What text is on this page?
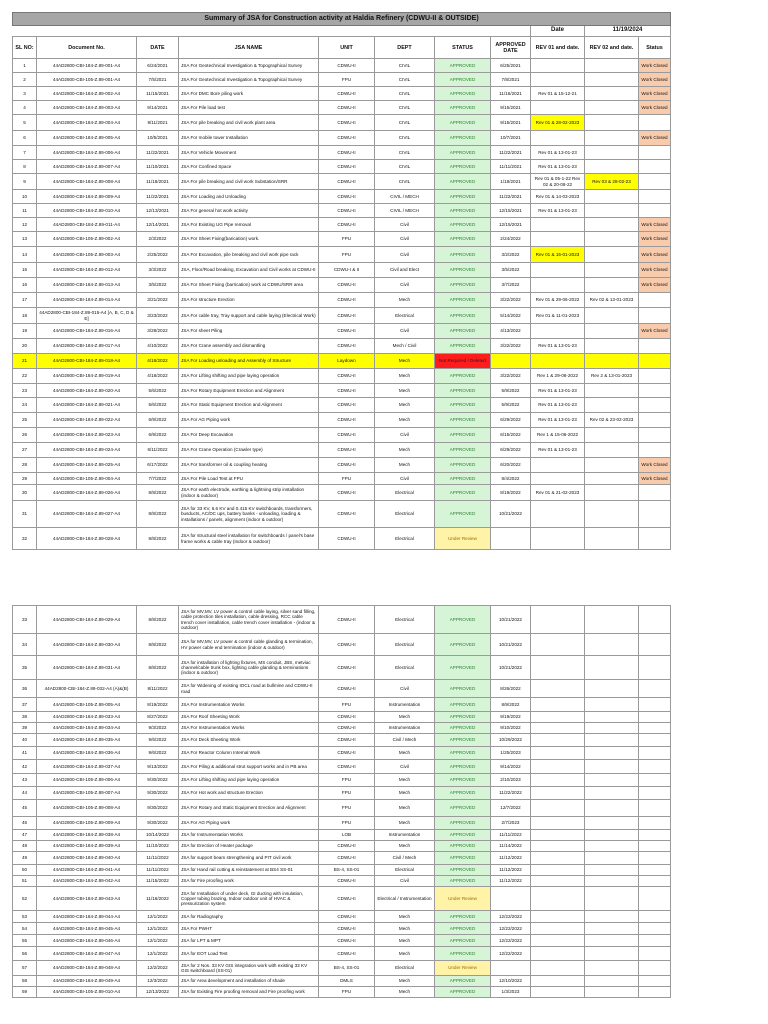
Summary of JSA for Construction activity at Haldia Refinery (CDWU-II & OUTSIDE)										
								Date	11/19/2024	
SL NO:	Document No.	DATE	JSA NAME	UNIT	DEPT	STATUS	APPROVED DATE	REV 01 and date.	REV 02 and date.	Status
1	44AD2800-CBI-184-Z.89-001-A4	6/24/2021	JSA For Geotechnical Investigation & Topographical Survey	CDWU-II	CIVIL	APPROVED	6/25/2021			Work Closed
2	44AD2800-CBI-105-Z.89-001-A4	7/5/2021	JSA For Geotechnical Investigation & Topographical Survey	FPU	CIVIL	APPROVED	7/8/2021			Work Closed
3	44AD2800-CBI-184-Z.89-002-A4	11/15/2021	JSA For DMC Bore piling work	CDWU-II	CIVIL	APPROVED	11/16/2021	Rev 01 & 15-12-21		Work Closed
4	44AD2800-CBI-184-Z.89-003-A4	9/14/2021	JSA For Pile load test	CDWU-II	CIVIL	APPROVED	9/15/2021			Work Closed
5	44AD2800-CBI-184-Z.89-004-A4	9/11/2021	JSA For pile breaking and civil work plant area	CDWU-II	CIVIL	APPROVED	9/15/2021	Rev 01 & 28-02-2023		
6	44AD2800-CBI-184-Z.89-005-A4	10/5/2021	JSA For mobile tower Installation	CDWU-II	CIVIL	APPROVED	10/7/2021			Work Closed
7	44AD2800-CBI-184-Z.89-006-A4	11/22/2021	JSA For Vehicle Movement	CDWU-II	CIVIL	APPROVED	11/22/2021	Rev 01 & 13-01-23		
8	44AD2800-CBI-184-Z.89-007-A4	11/10/2021	JSA For Confined Space	CDWU-II	CIVIL	APPROVED	11/11/2021	Rev 01 & 13-01-23		
9	44AD2800-CBI-184-Z.89-008-A4	11/18/2021	JSA For pile breaking and civil work Substation/SRR	CDWU-II	CIVIL	APPROVED	1/18/2021	Rev 01 & 05-1-22 Rev 02 & 20-08-22	Rev 03 & 28-02-23	
10	44AD2800-CBI-184-Z.89-009-A4	11/22/2021	JSA For Loading and Unloading	CDWU-II	CIVIL / MECH	APPROVED	11/22/2021	Rev 01 & 14-03-2023		
11	44AD2800-CBI-184-Z.89-010-A4	12/13/2021	JSA For general hot work activity	CDWU-II	CIVIL / MECH	APPROVED	12/15/2021	Rev 01 & 13-01-23		
12	44AD2800-CBI-184-Z.89-011-A4	12/14/2021	JSA For Existing UG Pipe removal	CDWU-II	Civil	APPROVED	12/15/2021			Work Closed
13	44AD2800-CBI-105-Z.89-002-A4	2/3/2022	JSA For Sheet Fixing(barication) work.	FPU	Civil	APPROVED	2/24/2022			Work Closed
14	44AD2800-CBI-105-Z.89-003-A4	2/25/2022	JSA For Excavation, pile breaking and civil work pipe rack	FPU	Civil	APPROVED	3/2/2022	Rev 01 & 15-01-2023		Work Closed
15	44AD2800-CBI-184-Z.89-012-A4	3/3/2022	JSA, Floor/Road breaking, Excavation and Civil works at CDWU-II	CDWU-I & II	Civil and Elect	APPROVED	3/5/2022			Work Closed
16	44AD2800-CBI-184-Z.89-013-A4	3/5/2022	JSA For Sheet Fixing (barrication) work at CDWU/SRR area	CDWU-II	Civil	APPROVED	3/7/2022			Work Closed
17	44AD2800-CBI-184-Z.89-014-A4	3/21/2022	JSA For structure Erection	CDWU-II	Mech	APPROVED	3/22/2022	Rev 01 & 29-06-2022	Rev 02 & 13-01-2023	
18	44AD2800-CBI-184-Z.89-015-A4 [A, B, C, D & E]	3/23/2022	JSA For cable tray, Tray support and cable laying (Electrical Work)	CDWU-II	Electrical	APPROVED	5/14/2022	Rev 01 & 11-01-2023		
19	44AD2800-CBI-184-Z.89-016-A4	3/28/2022	JSA For sheet Piling	CDWU-II	Civil	APPROVED	4/13/2022			Work Closed
20	44AD2800-CBI-184-Z.89-017-A4	4/10/2022	JSA For Crane assembly and dismantling	CDWU-II	Mech / Civil	APPROVED	3/22/2022	Rev 01 & 13-01-23		
21	44AD2800-CBI-184-Z.89-018-A4	4/18/2022	JSA For Loading unloading and Assembly of Structure	Laydown	Mech	Not Required / Deleted				
22	44AD2800-CBI-184-Z.89-019-A4	4/18/2022	JSA For Lifting shifting and pipe laying operation	CDWU-II	Mech	APPROVED	3/22/2022	Rev 1 & 29-06-2022	Rev 2 & 13-01-2023	
23	44AD2800-CBI-184-Z.89-020-A4	5/6/2022	JSA For Rotary Equipment Erection and Alignment	CDWU-II	Mech	APPROVED	5/9/2022	Rev 01 & 13-01-23		
24	44AD2800-CBI-184-Z.89-021-A4	5/6/2022	JSA For Static Equipment Erection and Alignment	CDWU-II	Mech	APPROVED	5/9/2022	Rev 01 & 13-01-23		
25	44AD2800-CBI-184-Z.89-022-A4	6/9/2022	JSA For AG Piping work	CDWU-II	Mech	APPROVED	6/29/2022	Rev 01 & 13-01-23	Rev 02 & 23-02-2023	
26	44AD2800-CBI-184-Z.89-023-A4	6/9/2022	JSA For Deep Excavation	CDWU-II	Civil	APPROVED	6/15/2022	Rev 1 & 15-06-2022		
27	44AD2800-CBI-184-Z.89-024-A4	6/11/2022	JSA For Crane Operation (Crawler type)	CDWU-II	Mech	APPROVED	6/29/2022	Rev 01 & 13-01-23		
28	44AD2800-CBI-184-Z.89-025-A4	6/17/2022	JSA For transformer oil & coupling heating	CDWU-II	Mech	APPROVED	6/20/2022			Work Closed
29	44AD2800-CBI-105-Z.89-004-A4	7/7/2022	JSA For Pile Load Test at FPU	FPU	Civil	APPROVED	8/4/2022			Work Closed
30	44AD2800-CBI-184-Z.89-026-A4	8/8/2022	JSA For earth electrode, earthing & lightning strip installation (indoor & outdoor)	CDWU-II	Electrical	APPROVED	8/19/2022	Rev 01 & 21-02-2023		
31	44AD2800-CBI-184-Z.89-027-A4	8/8/2022	JSA for 33 KV, 6.6 KV and 0.415 KV switchboards, transformers, busducts, AC/DC ups, battery banks - unloading, loading & installations / panels, alignment (indoor & outdoor)	CDWU-II	Electrical	APPROVED	10/21/2022			
32	44AD2800-CBI-184-Z.89-028-A4	8/8/2022	JSA for structural steel installation for switchboards / panel's base frame works & cable tray (Indoor & outdoor)	CDWU-II	Electrical	Under Review				
33	44AD2800-CBI-184-Z.89-029-A4	8/8/2022	JSA for MV,MV, LV power & control cable laying, silver sand filling, cable protection tiles installation, cable dressing, RCC cable trench cover installation, cable trench cover installation - (indoor & outdoor)	CDWU-II	Electrical	APPROVED	10/21/2022			
34	44AD2800-CBI-184-Z.89-030-A4	8/8/2022	JSA for MV,MV, LV power & control cable glanding & termination, HV power cable end termination (indoor & outdoor)	CDWU-II	Electrical	APPROVED	10/21/2022			
35	44AD2800-CBI-184-Z.89-031-A4	8/8/2022	JSA for installation of lighting fixtures, MS conduit, JBS, metviac channel/cable trunk box, lighting cable glanding & terminations (indoor & outdoor)	CDWU-II	Electrical	APPROVED	10/21/2022			
36	44AD2800-CBI-184-Z.89-032-A4 (A)&(B)	8/11/2022	JSA for Widening of existing IOCL road at bullmine and CDWU-II road	CDWU-II	Civil	APPROVED	8/26/2022			
37	44AD2800-CBI-105-Z.89-005-A4	8/19/2022	JSA For Instrumentation Works	FPU	Instrumentation	APPROVED	8/9/2022			
38	44AD2800-CBI-184-Z.89-033-A4	8/27/2022	JSA For Roof Sheeting Work	CDWU-II	Mech	APPROVED	9/19/2022			
39	44AD2800-CBI-184-Z.89-034-A4	9/3/2022	JSA For Instrumentation Works	CDWU-II	Instrumentation	APPROVED	9/10/2022			
40	44AD2800-CBI-184-Z.89-035-A4	9/6/2022	JSA For Deck Sheeting Work	CDWU-II	Civil / Mech	APPROVED	10/29/2022			
41	44AD2800-CBI-184-Z.89-036-A4	9/6/2022	JSA For Reactor Column Internal Work	CDWU-II	Mech	APPROVED	1/25/2023			
42	44AD2800-CBI-184-Z.89-037-A4	9/13/2022	JSA For Piling & additional strut support works and in PB area	CDWU-II	Civil	APPROVED	9/14/2022			
43	44AD2800-CBI-105-Z.89-006-A4	9/30/2022	JSA For Lifting shifting and pipe laying operation	FPU	Mech	APPROVED	2/10/2023			
44	44AD2800-CBI-105-Z.89-007-A4	9/30/2022	JSA For Hot work and structure Erection	FPU	Mech	APPROVED	11/22/2022			
45	44AD2800-CBI-105-Z.89-008-A4	9/30/2022	JSA For Rotary and Static Equipment Erection and Alignment	FPU	Mech	APPROVED	12/7/2022			
46	44AD2800-CBI-105-Z.89-009-A4	9/30/2022	JSA For AG Piping work	FPU	Mech	APPROVED	2/7/2023			
47	44AD2800-CBI-184-Z.89-038-A4	10/14/2022	JSA for Instrumentation Works	LOB	Instrumentation	APPROVED	11/11/2022			
48	44AD2800-CBI-184-Z.89-039-A4	11/10/2022	JSA for Erection of Heater package	CDWU-II	Mech	APPROVED	11/14/2022			
49	44AD2800-CBI-184-Z.89-040-A4	11/11/2022	JSA for support beam strengthening and PIT civil work	CDWU-II	Civil / Mech	APPROVED	11/12/2022			
50	44AD2800-CBI-184-Z.89-041-A4	11/11/2022	JSA for Hand rail cutting & reinstatement at BS4 SS-01	BS-4, SS-01	Electrical	APPROVED	11/12/2022			
51	44AD2800-CBI-184-Z.89-042-A4	11/15/2022	JSA for Fire proofing work	CDWU-II	Civil	APPROVED	11/12/2022			
52	44AD2800-CBI-184-Z.89-043-A4	11/16/2022	JSA for Installation of under deck, GI ducting with insulation, Copper tubing brazing, Indoor outdoor unit of HVAC & pressurization system	CDWU-II	Electrical / Instrumentation	Under Review				
53	44AD2800-CBI-184-Z.89-044-A4	12/1/2022	JSA for Radiography	CDWU-II	Mech	APPROVED	12/22/2022			
54	44AD2800-CBI-184-Z.89-045-A4	12/1/2022	JSA For PWHT	CDWU-II	Mech	APPROVED	12/22/2022			
55	44AD2800-CBI-184-Z.89-046-A4	12/1/2022	JSA for LPT & MPT	CDWU-II	Mech	APPROVED	12/22/2022			
56	44AD2800-CBI-184-Z.89-047-A4	12/1/2022	JSA for EOT Load Test	CDWU-II	Mech	APPROVED	12/22/2022			
57	44AD2800-CBI-184-Z.89-048-A4	12/2/2022	JSA for 2 Nos. 33 KV GIS integration work with existing 33 KV GIS switchboard (SS-01)	BS-4, SS-01	Electrical	Under Review				
58	44AD2800-CBI-184-Z.89-049-A4	12/3/2022	JSA for Area development and installation of shade	DMLS	Mech	APPROVED	12/10/2022			
59	44AD2800-CBI-105-Z.89-010-A4	12/13/2022	JSA for Existing Fire proofing removal and Fire proofing work	FPU	Mech	APPROVED	1/3/2023			
